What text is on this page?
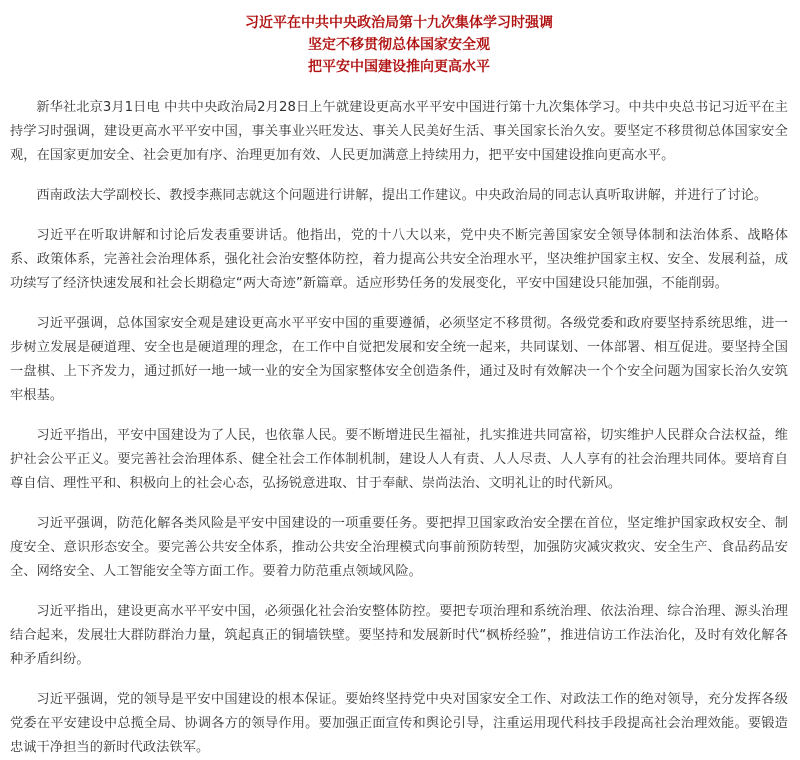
习近平在中共中央政治局第十九次集体学习时强调

坚定不移贯彻总体国家安全观

把平安中国建设推向更高水平

新华社北京3月1日电 中共中央政治局2月28日上午就建设更高水平平安中国进行第十九次集体学习。中共中央总书记习近平在主持学习时强调，建设更高水平平安中国，事关事业兴旺发达、事关人民美好生活、事关国家长治久安。要坚定不移贯彻总体国家安全观，在国家更加安全、社会更加有序、治理更加有效、人民更加满意上持续用力，把平安中国建设推向更高水平。

西南政法大学副校长、教授李燕同志就这个问题进行讲解，提出工作建议。中央政治局的同志认真听取讲解，并进行了讨论。

习近平在听取讲解和讨论后发表重要讲话。他指出，党的十八大以来，党中央不断完善国家安全领导体制和法治体系、战略体系、政策体系，完善社会治理体系，强化社会治安整体防控，着力提高公共安全治理水平，坚决维护国家主权、安全、发展利益，成功续写了经济快速发展和社会长期稳定“两大奇迹”新篇章。适应形势任务的发展变化，平安中国建设只能加强，不能削弱。

习近平强调，总体国家安全观是建设更高水平平安中国的重要遵循，必须坚定不移贯彻。各级党委和政府要坚持系统思维，进一步树立发展是硬道理、安全也是硬道理的理念，在工作中自觉把发展和安全统一起来，共同谋划、一体部署、相互促进。要坚持全国一盘棋、上下齐发力，通过抓好一地一域一业的安全为国家整体安全创造条件，通过及时有效解决一个个安全问题为国家长治久安筑牢根基。

习近平指出，平安中国建设为了人民，也依靠人民。要不断增进民生福祉，扎实推进共同富裕，切实维护人民群众合法权益，维护社会公平正义。要完善社会治理体系、健全社会工作体制机制，建设人人有责、人人尽责、人人享有的社会治理共同体。要培育自尊自信、理性平和、积极向上的社会心态，弘扬锐意进取、甘于奉献、崇尚法治、文明礼让的时代新风。

习近平强调，防范化解各类风险是平安中国建设的一项重要任务。要把捍卫国家政治安全摆在首位，坚定维护国家政权安全、制度安全、意识形态安全。要完善公共安全体系，推动公共安全治理模式向事前预防转型，加强防灾减灾救灾、安全生产、食品药品安全、网络安全、人工智能安全等方面工作。要着力防范重点领域风险。

习近平指出，建设更高水平平安中国，必须强化社会治安整体防控。要把专项治理和系统治理、依法治理、综合治理、源头治理结合起来，发展壮大群防群治力量，筑起真正的铜墙铁壁。要坚持和发展新时代“枫桥经验”，推进信访工作法治化，及时有效化解各种矛盾纠纷。

习近平强调，党的领导是平安中国建设的根本保证。要始终坚持党中央对国家安全工作、对政法工作的绝对领导，充分发挥各级党委在平安建设中总揽全局、协调各方的领导作用。要加强正面宣传和舆论引导，注重运用现代科技手段提高社会治理效能。要锻造忠诚干净担当的新时代政法铁军。
